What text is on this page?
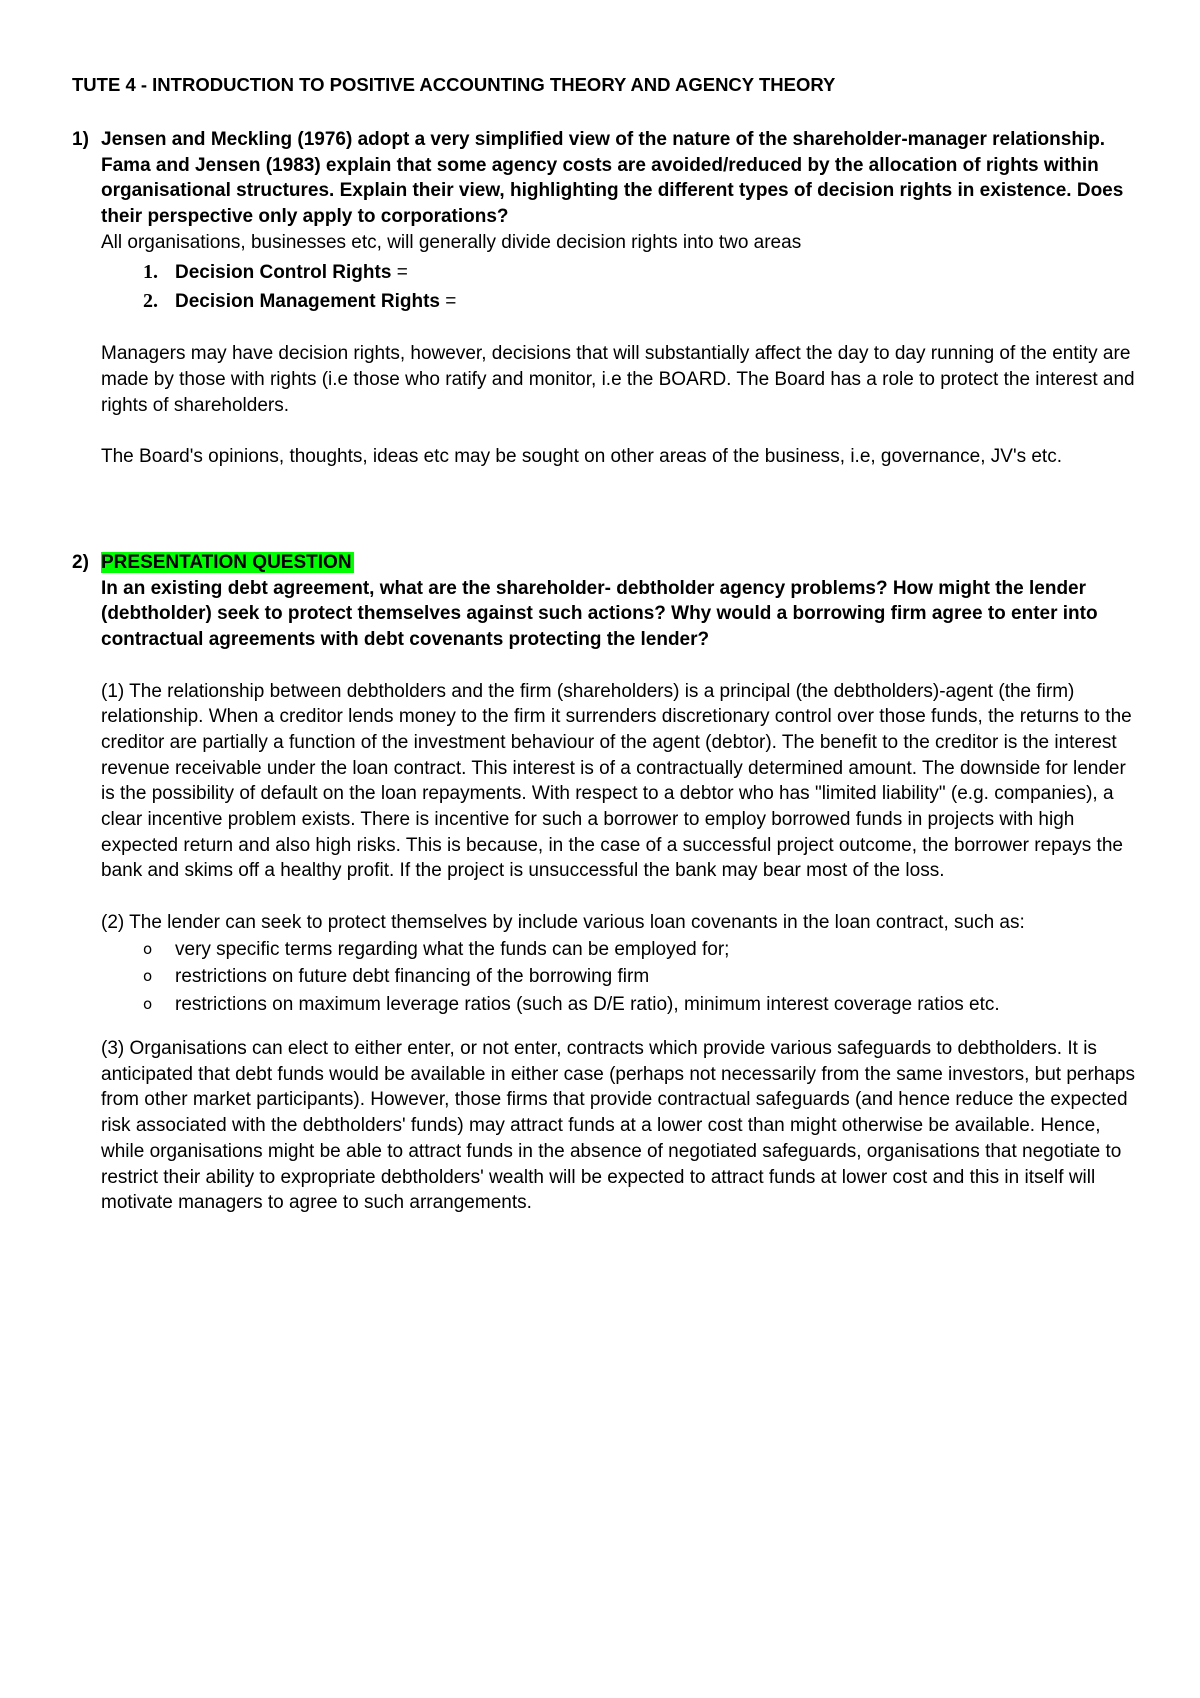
TUTE 4 - INTRODUCTION TO POSITIVE ACCOUNTING THEORY AND AGENCY THEORY
1) Jensen and Meckling (1976) adopt a very simplified view of the nature of the shareholder-manager relationship. Fama and Jensen (1983) explain that some agency costs are avoided/reduced by the allocation of rights within organisational structures. Explain their view, highlighting the different types of decision rights in existence. Does their perspective only apply to corporations?

All organisations, businesses etc, will generally divide decision rights into two areas

1. Decision Control Rights =
2. Decision Management Rights =

Managers may have decision rights, however, decisions that will substantially affect the day to day running of the entity are made by those with rights (i.e those who ratify and monitor, i.e the BOARD. The Board has a role to protect the interest and rights of shareholders.

The Board's opinions, thoughts, ideas etc may be sought on other areas of the business, i.e, governance, JV's etc.

2) PRESENTATION QUESTION

In an existing debt agreement, what are the shareholder- debtholder agency problems? How might the lender (debtholder) seek to protect themselves against such actions? Why would a borrowing firm agree to enter into contractual agreements with debt covenants protecting the lender?

(1) The relationship between debtholders and the firm (shareholders) is a principal (the debtholders)-agent (the firm) relationship. When a creditor lends money to the firm it surrenders discretionary control over those funds, the returns to the creditor are partially a function of the investment behaviour of the agent (debtor). The benefit to the creditor is the interest revenue receivable under the loan contract. This interest is of a contractually determined amount. The downside for lender is the possibility of default on the loan repayments. With respect to a debtor who has "limited liability" (e.g. companies), a clear incentive problem exists. There is incentive for such a borrower to employ borrowed funds in projects with high expected return and also high risks. This is because, in the case of a successful project outcome, the borrower repays the bank and skims off a healthy profit. If the project is unsuccessful the bank may bear most of the loss.

(2) The lender can seek to protect themselves by include various loan covenants in the loan contract, such as:

o very specific terms regarding what the funds can be employed for;
o restrictions on future debt financing of the borrowing firm
o restrictions on maximum leverage ratios (such as D/E ratio), minimum interest coverage ratios etc.

(3) Organisations can elect to either enter, or not enter, contracts which provide various safeguards to debtholders. It is anticipated that debt funds would be available in either case (perhaps not necessarily from the same investors, but perhaps from other market participants). However, those firms that provide contractual safeguards (and hence reduce the expected risk associated with the debtholders' funds) may attract funds at a lower cost than might otherwise be available. Hence, while organisations might be able to attract funds in the absence of negotiated safeguards, organisations that negotiate to restrict their ability to expropriate debtholders' wealth will be expected to attract funds at lower cost and this in itself will motivate managers to agree to such arrangements.
